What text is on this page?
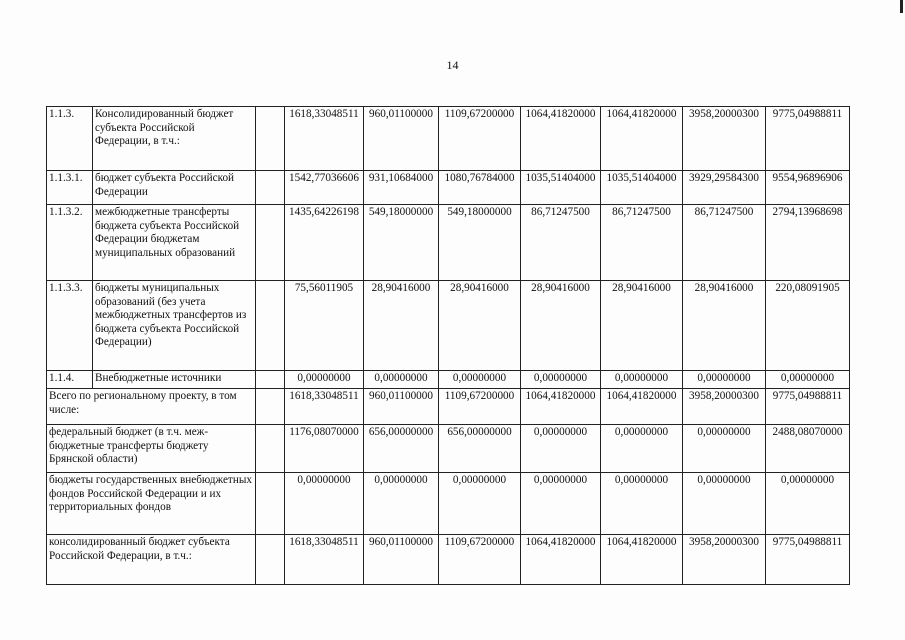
14
1.1.3.	Консолидированный бюджет субъекта Российской Федерации, в т.ч.:		1618,33048511	960,01100000	1109,67200000	1064,41820000	1064,41820000	3958,20000300	9775,04988811
1.1.3.1.	бюджет субъекта Российской Федерации		1542,77036606	931,10684000	1080,76784000	1035,51404000	1035,51404000	3929,29584300	9554,96896906
1.1.3.2.	межбюджетные трансферты бюджета субъекта Российской Федерации бюджетам муниципальных образований		1435,64226198	549,18000000	549,18000000	86,71247500	86,71247500	86,71247500	2794,13968698
1.1.3.3.	бюджеты муниципальных образований (без учета межбюджетных трансфертов из бюджета субъекта Российской Федерации)		75,56011905	28,90416000	28,90416000	28,90416000	28,90416000	28,90416000	220,08091905
1.1.4.	Внебюджетные источники		0,00000000	0,00000000	0,00000000	0,00000000	0,00000000	0,00000000	0,00000000
Всего по региональному проекту, в том числе:			1618,33048511	960,01100000	1109,67200000	1064,41820000	1064,41820000	3958,20000300	9775,04988811
федеральный бюджет (в т.ч. меж-бюджетные трансферты бюджету Брянской области)			1176,08070000	656,00000000	656,00000000	0,00000000	0,00000000	0,00000000	2488,08070000
бюджеты государственных внебюджетных фондов Российской Федерации и их территориальных фондов			0,00000000	0,00000000	0,00000000	0,00000000	0,00000000	0,00000000	0,00000000
консолидированный бюджет субъекта Российской Федерации, в т.ч.:			1618,33048511	960,01100000	1109,67200000	1064,41820000	1064,41820000	3958,20000300	9775,04988811
